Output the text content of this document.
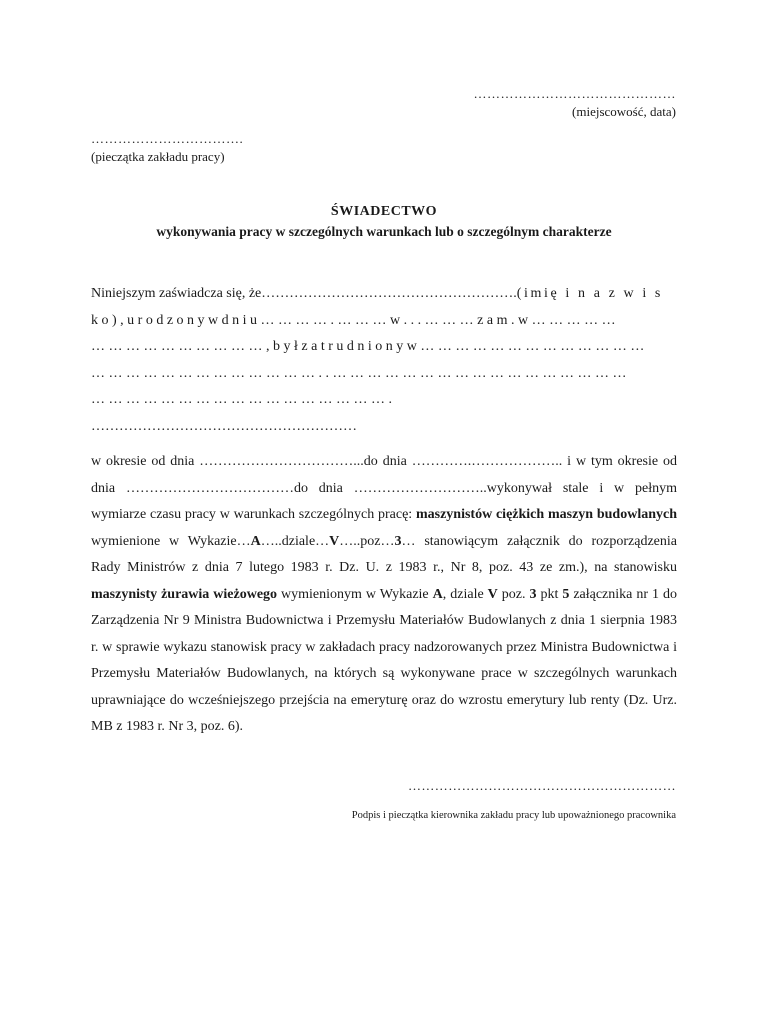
………………………………………
(miejscowość, data)
…………………………….
(pieczątka zakładu pracy)
ŚWIADECTWO
wykonywania pracy w szczególnych warunkach lub o szczególnym charakterze
Niniejszym zaświadcza się, że……………………………………………….(imię i n a z w i s
k o ) , u r o d z o n y w d n i u … … … … . … … … w . . . … … … z a m . w … … … … …
… … … … … … … … … … , b y ł z a t r u d n i o n y w … … … … … … … … … … … … …
… … … … … … … … … … … … … . . … … … … … … … … … … … … … … … … …
… … … … … … … … … … … … … … … … … .
…………………………………………………
w okresie od dnia ……………………………...do dnia ………….……………….. i w tym okresie od dnia ………………………………do dnia ………………………..wykonywał stale i w pełnym wymiarze czasu pracy w warunkach szczególnych pracę: maszynistów ciężkich maszyn budowlanych wymienione w Wykazie…A…..dziale…V…..poz…3… stanowiącym załącznik do rozporządzenia Rady Ministrów z dnia 7 lutego 1983 r. Dz. U. z 1983 r., Nr 8, poz. 43 ze zm.), na stanowisku maszynisty żurawia wieżowego wymienionym w Wykazie A, dziale V poz. 3 pkt 5 załącznika nr 1 do Zarządzenia Nr 9 Ministra Budownictwa i Przemysłu Materiałów Budowlanych z dnia 1 sierpnia 1983 r. w sprawie wykazu stanowisk pracy w zakładach pracy nadzorowanych przez Ministra Budownictwa i Przemysłu Materiałów Budowlanych, na których są wykonywane prace w szczególnych warunkach uprawniające do wcześniejszego przejścia na emeryturę oraz do wzrostu emerytury lub renty (Dz. Urz. MB z 1983 r. Nr 3, poz. 6).
……………………………………………………
Podpis i pieczątka kierownika zakładu pracy lub upoważnionego pracownika
